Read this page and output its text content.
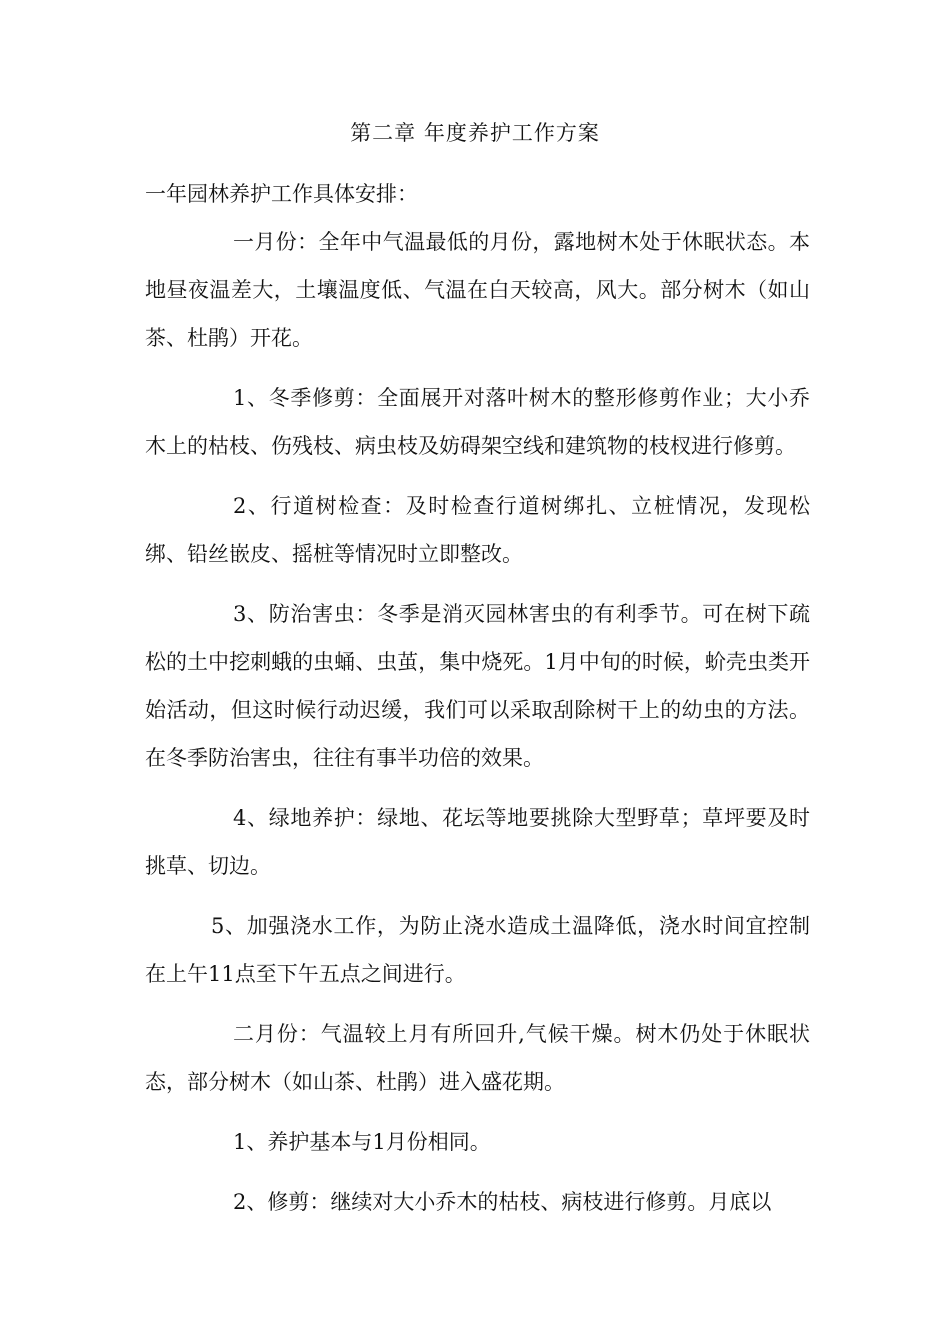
第二章 年度养护工作方案

一年园林养护工作具体安排：

一月份：全年中气温最低的月份，露地树木处于休眠状态。本地昼夜温差大，土壤温度低、气温在白天较高，风大。部分树木（如山茶、杜鹃）开花。

1、冬季修剪：全面展开对落叶树木的整形修剪作业；大小乔木上的枯枝、伤残枝、病虫枝及妨碍架空线和建筑物的枝杈进行修剪。

2、行道树检查：及时检查行道树绑扎、立桩情况，发现松绑、铅丝嵌皮、摇桩等情况时立即整改。

3、防治害虫：冬季是消灭园林害虫的有利季节。可在树下疏松的土中挖刺蛾的虫蛹、虫茧，集中烧死。1月中旬的时候，蚧壳虫类开始活动，但这时候行动迟缓，我们可以采取刮除树干上的幼虫的方法。在冬季防治害虫，往往有事半功倍的效果。

4、绿地养护：绿地、花坛等地要挑除大型野草；草坪要及时挑草、切边。

5、加强浇水工作，为防止浇水造成土温降低，浇水时间宜控制在上午11点至下午五点之间进行。

二月份：气温较上月有所回升,气候干燥。树木仍处于休眠状态，部分树木（如山茶、杜鹃）进入盛花期。

1、养护基本与1月份相同。

2、修剪：继续对大小乔木的枯枝、病枝进行修剪。月底以
